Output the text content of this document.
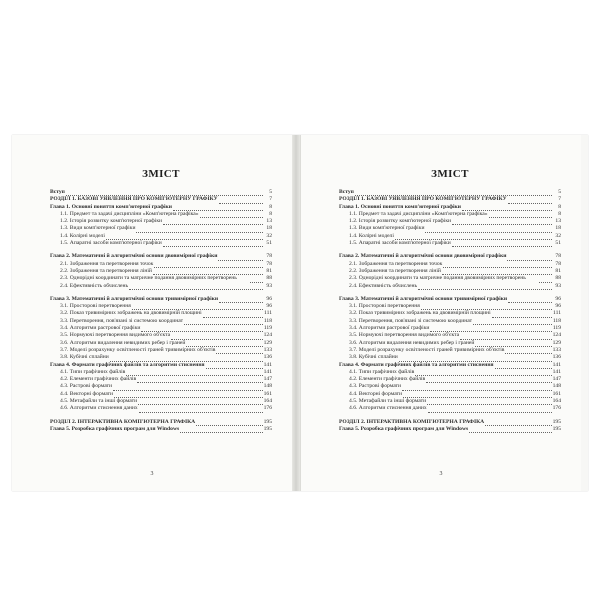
ЗМІСТ
Вступ	5
РОЗДІЛ 1. БАЗОВІ УЯВЛЕННЯ ПРО КОМП'ЮТЕРНУ ГРАФІКУ	7
Глава 1. Основні поняття комп'ютерної графіки	8
1.1. Предмет та задачі дисципліни «Комп'ютерна графіка»	8
1.2. Історія розвитку комп'ютерної графіки	13
1.3. Види комп'ютерної графіки	18
1.4. Колірні моделі	32
1.5. Апаратні засоби комп'ютерної графіки	51
Глава 2. Математичні й алгоритмічні основи двовимірної графіки	78
2.1. Зображення та перетворення точок	78
2.2. Зображення та перетворення ліній	81
2.3. Однорідні координати та матричне подання двовимірних перетворень	88
2.4. Ефективність обчислень	93
Глава 3. Математичні й алгоритмічні основи тривимірної графіки	96
3.1. Просторові перетворення	96
3.2. Показ тривимірних зображень на двовимірній площині	111
3.3. Перетворення, пов'язані зі системою координат	118
3.4. Алгоритми растрової графіки	119
3.5. Нормуючі перетворення видимого об'єкта	124
3.6. Алгоритми видалення невидимих ребер і граней	129
3.7. Моделі розрахунку освітленості граней тривимірних об'єктів	133
3.8. Кубічні сплайни	136
Глава 4. Формати графічних файлів та алгоритми стиснення	141
4.1. Типи графічних файлів	141
4.2. Елементи графічних файлів	147
4.3. Растрові формати	148
4.4. Векторні формати	161
4.5. Метафайли та інші формати	164
4.6. Алгоритми стиснення даних	176
РОЗДІЛ 2. ІНТЕРАКТИВНА КОМП'ЮТЕРНА ГРАФІКА	195
Глава 5. Розробка графічних програм для Windows	195
3
ЗМІСТ
Вступ	5
РОЗДІЛ 1. БАЗОВІ УЯВЛЕННЯ ПРО КОМП'ЮТЕРНУ ГРАФІКУ	7
Глава 1. Основні поняття комп'ютерної графіки	8
1.1. Предмет та задачі дисципліни «Комп'ютерна графіка»	8
1.2. Історія розвитку комп'ютерної графіки	13
1.3. Види комп'ютерної графіки	18
1.4. Колірні моделі	32
1.5. Апаратні засоби комп'ютерної графіки	51
Глава 2. Математичні й алгоритмічні основи двовимірної графіки	78
2.1. Зображення та перетворення точок	78
2.2. Зображення та перетворення ліній	81
2.3. Однорідні координати та матричне подання двовимірних перетворень	88
2.4. Ефективність обчислень	93
Глава 3. Математичні й алгоритмічні основи тривимірної графіки	96
3.1. Просторові перетворення	96
3.2. Показ тривимірних зображень на двовимірній площині	111
3.3. Перетворення, пов'язані зі системою координат	118
3.4. Алгоритми растрової графіки	119
3.5. Нормуючі перетворення видимого об'єкта	124
3.6. Алгоритми видалення невидимих ребер і граней	129
3.7. Моделі розрахунку освітленості граней тривимірних об'єктів	133
3.8. Кубічні сплайни	136
Глава 4. Формати графічних файлів та алгоритми стиснення	141
4.1. Типи графічних файлів	141
4.2. Елементи графічних файлів	147
4.3. Растрові формати	148
4.4. Векторні формати	161
4.5. Метафайли та інші формати	164
4.6. Алгоритми стиснення даних	176
РОЗДІЛ 2. ІНТЕРАКТИВНА КОМП'ЮТЕРНА ГРАФІКА	195
Глава 5. Розробка графічних програм для Windows	195
3
